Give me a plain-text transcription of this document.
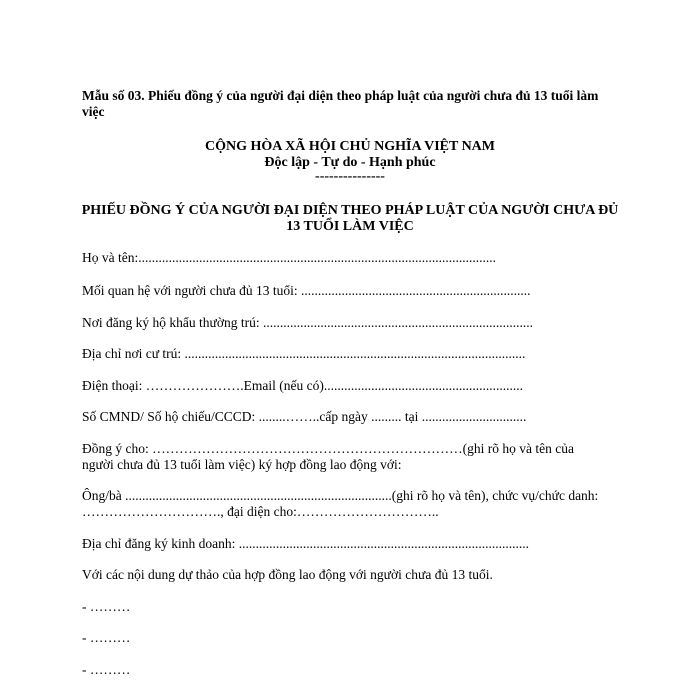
Mẫu số 03. Phiếu đồng ý của người đại diện theo pháp luật của người chưa đủ 13 tuổi làm việc
CỘNG HÒA XÃ HỘI CHỦ NGHĨA VIỆT NAM
Độc lập - Tự do - Hạnh phúc
---------------
PHIẾU ĐỒNG Ý CỦA NGƯỜI ĐẠI DIỆN THEO PHÁP LUẬT CỦA NGƯỜI CHƯA ĐỦ
13 TUỔI LÀM VIỆC
Họ và tên:..........................................................................................................
Mối quan hệ với người chưa đủ 13 tuổi: ....................................................................
Nơi đăng ký hộ khẩu thường trú: ................................................................................
Địa chỉ nơi cư trú: .....................................................................................................
Điện thoại: ………………….Email (nếu có)...........................................................
Số CMND/ Số hộ chiếu/CCCD: ........……..cấp ngày ......... tại ...............................
Đồng ý cho: ……………………………………………………………(ghi rõ họ và tên của
người chưa đủ 13 tuổi làm việc) ký hợp đồng lao động với:
Ông/bà ...............................................................................(ghi rõ họ và tên), chức vụ/chức danh:
…………………………., đại diện cho:…………………………..
Địa chỉ đăng ký kinh doanh: ......................................................................................
Với các nội dung dự thảo của hợp đồng lao động với người chưa đủ 13 tuổi.
- ………
- ………
- ………
